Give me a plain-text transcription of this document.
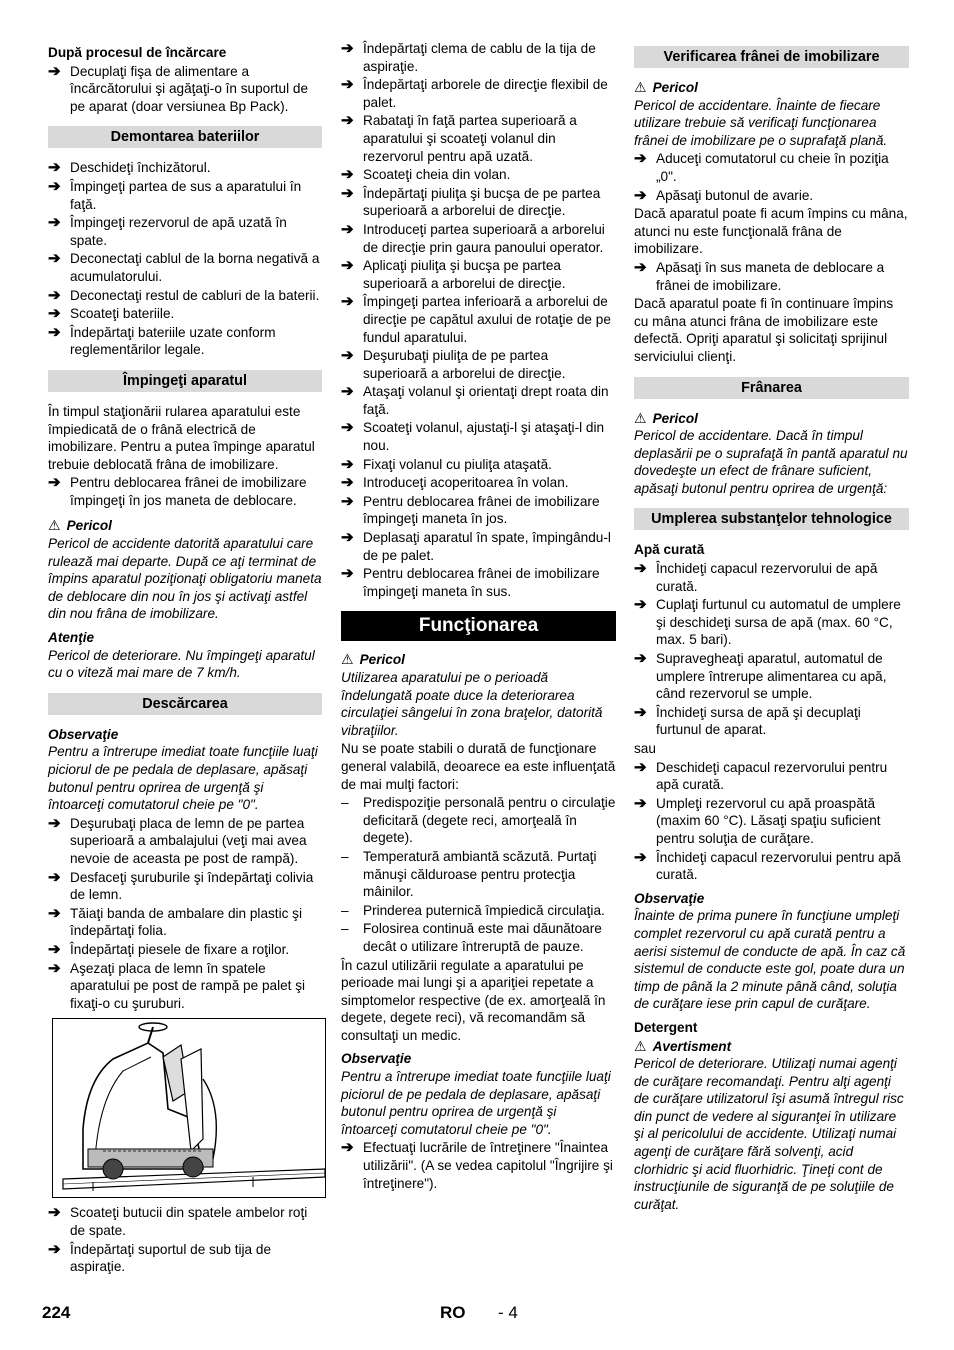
După procesul de încărcare

➔ Decuplaţi fişa de alimentare a încărcătorului şi agăţaţi-o în suportul de pe aparat (doar versiunea Bp Pack).
Demontarea bateriilor
➔ Deschideţi închizătorul.
➔ Împingeţi partea de sus a aparatului în faţă.
➔ Împingeţi rezervorul de apă uzată în spate.
➔ Deconectaţi cablul de la borna negativă a acumulatorului.
➔ Deconectaţi restul de cabluri de la baterii.
➔ Scoateţi bateriile.
➔ Îndepărtaţi bateriile uzate conform reglementărilor legale.
Împingeţi aparatul

În timpul staţionării rularea aparatului este împiedicată de o frână electrică de imobilizare. Pentru a putea împinge aparatul trebuie deblocată frâna de imobilizare.

➔ Pentru deblocarea frânei de imobilizare împingeţi în jos maneta de deblocare.

⚠ Pericol

Pericol de accidente datorită aparatului care rulează mai departe. După ce aţi terminat de împins aparatul poziţionaţi obligatoriu maneta de deblocare din nou în jos şi activaţi astfel din nou frâna de imobilizare.

Atenţie

Pericol de deteriorare. Nu împingeţi aparatul cu o viteză mai mare de 7 km/h.

Descărcarea

Observaţie

Pentru a întrerupe imediat toate funcţiile luaţi piciorul de pe pedala de deplasare, apăsaţi butonul pentru oprirea de urgenţă şi întoarceţi comutatorul cheie pe "0".

➔ Deşurubaţi placa de lemn de pe partea superioară a ambalajului (veţi mai avea nevoie de aceasta pe post de rampă).
➔ Desfaceţi şuruburile şi îndepărtaţi colivia de lemn.
➔ Tăiaţi banda de ambalare din plastic şi îndepărtaţi folia.
➔ Îndepărtaţi piesele de fixare a roţilor.
➔ Aşezaţi placa de lemn în spatele aparatului pe post de rampă pe palet şi fixaţi-o cu şuruburi.
➔ Scoateţi butucii din spatele ambelor roţi de spate.
➔ Îndepărtaţi suportul de sub tija de aspiraţie.
➔ Îndepărtaţi clema de cablu de la tija de aspiraţie.
➔ Îndepărtaţi arborele de direcţie flexibil de palet.
➔ Rabataţi în faţă partea superioară a aparatului şi scoateţi volanul din rezervorul pentru apă uzată.
➔ Scoateţi cheia din volan.
➔ Îndepărtaţi piuliţa şi bucşa de pe partea superioară a arborelui de direcţie.
➔ Introduceţi partea superioară a arborelui de direcţie prin gaura panoului operator.
➔ Aplicaţi piuliţa şi bucşa pe partea superioară a arborelui de direcţie.
➔ Împingeţi partea inferioară a arborelui de direcţie pe capătul axului de rotaţie de pe fundul aparatului.
➔ Deşurubaţi piuliţa de pe partea superioară a arborelui de direcţie.
➔ Ataşaţi volanul şi orientaţi drept roata din faţă.
➔ Scoateţi volanul, ajustaţi-l şi ataşaţi-l din nou.
➔ Fixaţi volanul cu piuliţa ataşată.
➔ Introduceţi acoperitoarea în volan.
➔ Pentru deblocarea frânei de imobilizare împingeţi maneta în jos.
➔ Deplasaţi aparatul în spate, împingându-l de pe palet.
➔ Pentru deblocarea frânei de imobilizare împingeţi maneta în sus.
Funcţionarea

⚠ Pericol

Utilizarea aparatului pe o perioadă îndelungată poate duce la deteriorarea circulaţiei sângelui în zona braţelor, datorită vibraţiilor.

Nu se poate stabili o durată de funcţionare general valabilă, deoarece ea este influenţată de mai mulţi factori:

– Predispoziţie personală pentru o circulaţie deficitară (degete reci, amorţeală în degete).
– Temperatură ambiantă scăzută. Purtaţi mănuşi călduroase pentru protecţia mâinilor.
– Prinderea puternică împiedică circulaţia.
– Folosirea continuă este mai dăunătoare decât o utilizare întreruptă de pauze.

În cazul utilizării regulate a aparatului pe perioade mai lungi şi a apariţiei repetate a simptomelor respective (de ex. amorţeală în degete, degete reci), vă recomandăm să consultaţi un medic.

Observaţie

Pentru a întrerupe imediat toate funcţiile luaţi piciorul de pe pedala de deplasare, apăsaţi butonul pentru oprirea de urgenţă şi întoarceţi comutatorul cheie pe "0".

➔ Efectuaţi lucrările de întreţinere "Înaintea utilizării". (A se vedea capitolul "Îngrijire şi întreţinere").
Verificarea frânei de imobilizare

⚠ Pericol

Pericol de accidentare. Înainte de fiecare utilizare trebuie să verificaţi funcţionarea frânei de imobilizare pe o suprafaţă plană.

➔ Aduceţi comutatorul cu cheie în poziţia „0".
➔ Apăsaţi butonul de avarie.

Dacă aparatul poate fi acum împins cu mâna, atunci nu este funcţională frâna de imobilizare.

➔ Apăsaţi în sus maneta de deblocare a frânei de imobilizare.

Dacă aparatul poate fi în continuare împins cu mâna atunci frâna de imobilizare este defectă. Opriţi aparatul şi solicitaţi sprijinul serviciului clienţi.

Frânarea

⚠ Pericol

Pericol de accidentare. Dacă în timpul deplasării pe o suprafaţă în pantă aparatul nu dovedeşte un efect de frânare suficient, apăsaţi butonul pentru oprirea de urgenţă:

Umplerea substanţelor tehnologice

Apă curată

➔ Închideţi capacul rezervorului de apă curată.
➔ Cuplaţi furtunul cu automatul de umplere şi deschideţi sursa de apă (max. 60 °C, max. 5 bari).
➔ Supravegheaţi aparatul, automatul de umplere întrerupe alimentarea cu apă, când rezervorul se umple.
➔ Închideţi sursa de apă şi decuplaţi furtunul de aparat.

sau

➔ Deschideţi capacul rezervorului pentru apă curată.
➔ Umpleţi rezervorul cu apă proaspătă (maxim 60 °C). Lăsaţi spaţiu suficient pentru soluţia de curăţare.
➔ Închideţi capacul rezervorului pentru apă curată.

Observaţie

Înainte de prima punere în funcţiune umpleţi complet rezervorul cu apă curată pentru a aerisi sistemul de conducte de apă. În caz că sistemul de conducte este gol, poate dura un timp de până la 2 minute până când, soluţia de curăţare iese prin capul de curăţare.

Detergent

⚠ Avertisment

Pericol de deteriorare. Utilizaţi numai agenţi de curăţare recomandaţi. Pentru alţi agenţi de curăţare utilizatorul îşi asumă întregul risc din punct de vedere al siguranţei în utilizare şi al pericolului de accidente. Utilizaţi numai agenţi de curăţare fără solvenţi, acid clorhidric şi acid fluorhidric. Ţineţi cont de instrucţiunile de siguranţă de pe soluţiile de curăţat.

224	RO - 4
